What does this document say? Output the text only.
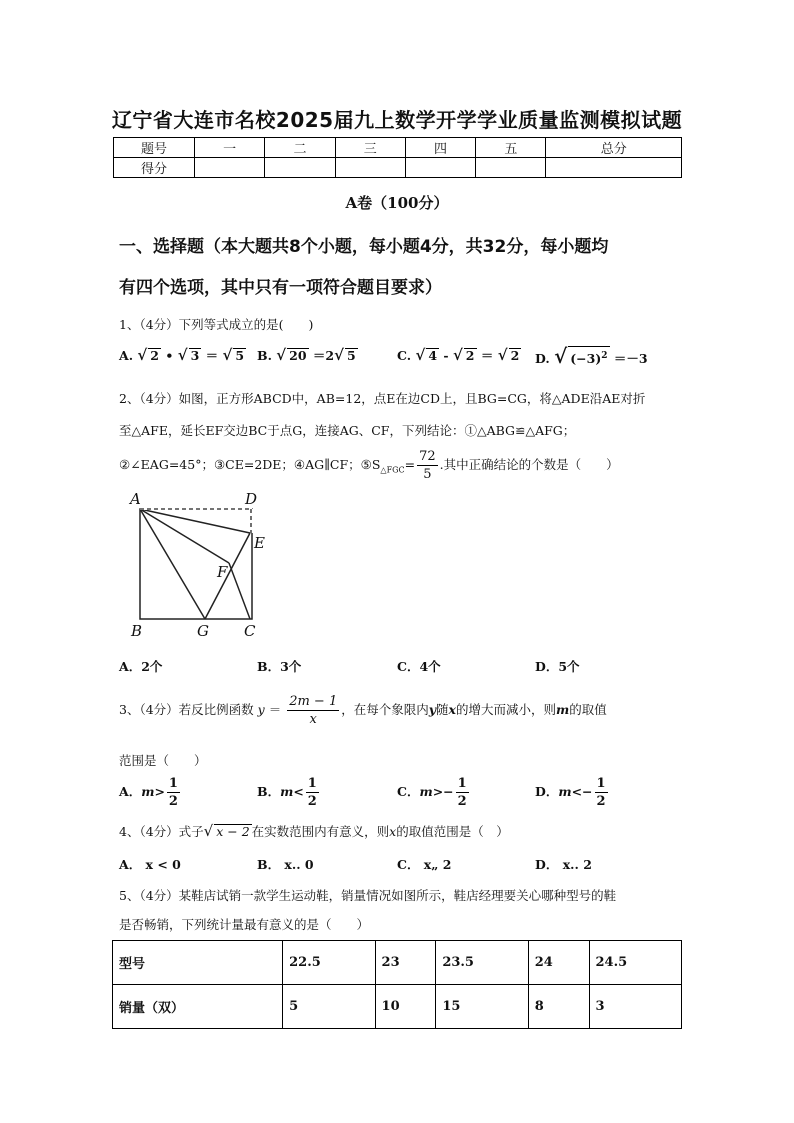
辽宁省大连市名校2025届九上数学开学学业质量监测模拟试题
题号	一	二	三	四	五	总分
得分						
A卷（100分）
一、选择题（本大题共8个小题，每小题4分，共32分，每小题均
有四个选项，其中只有一项符合题目要求）
1、（4分）下列等式成立的是(　　)
A. √ 2 • √ 3 ＝ √ 5 B. √ 20 ＝2√ 5	C. √ 4 - √ 2 ＝ √ 2 D. √ $(-3)^2 =-3$
2、（4分）如图，正方形ABCD中，AB=12，点E在边CD上，且BG=CG，将△ADE沿AE对折
至△AFE，延长EF交边BC于点G，连接AG、CF，下列结论：①△ABG≌△AFG；
②∠EAG=45°；③CE=2DE；④AG∥CF；$⑤S_{\triangle FGC}= \frac{72}{5}$ .其中正确结论的个数是（　　）
A	D
E
F
B	G C
A．2个	B．3个	C．4个	D．5个
3、（4分）若反比例函数 $y = \frac{2m - 1}{x}$ ，在每个象限内y随x的增大而减小，则m的取值
范围是（　　）
A．$m> \frac{1}{2}$	B．$m< \frac{1}{2}$	C．$m>- \frac{1}{2}$	D．$m<- \frac{1}{2}$
4、（4分）式子√ x − 2 在实数范围内有意义，则x的取值范围是（　）
A． x < 0	B． x.. 0	C． x„ 2	D． x.. 2
5、（4分）某鞋店试销一款学生运动鞋，销量情况如图所示，鞋店经理要关心哪种型号的鞋
是否畅销，下列统计量最有意义的是（　　）
型号	22.5	23	23.5	24	24.5
销量（双）	5	10	15	8	3
